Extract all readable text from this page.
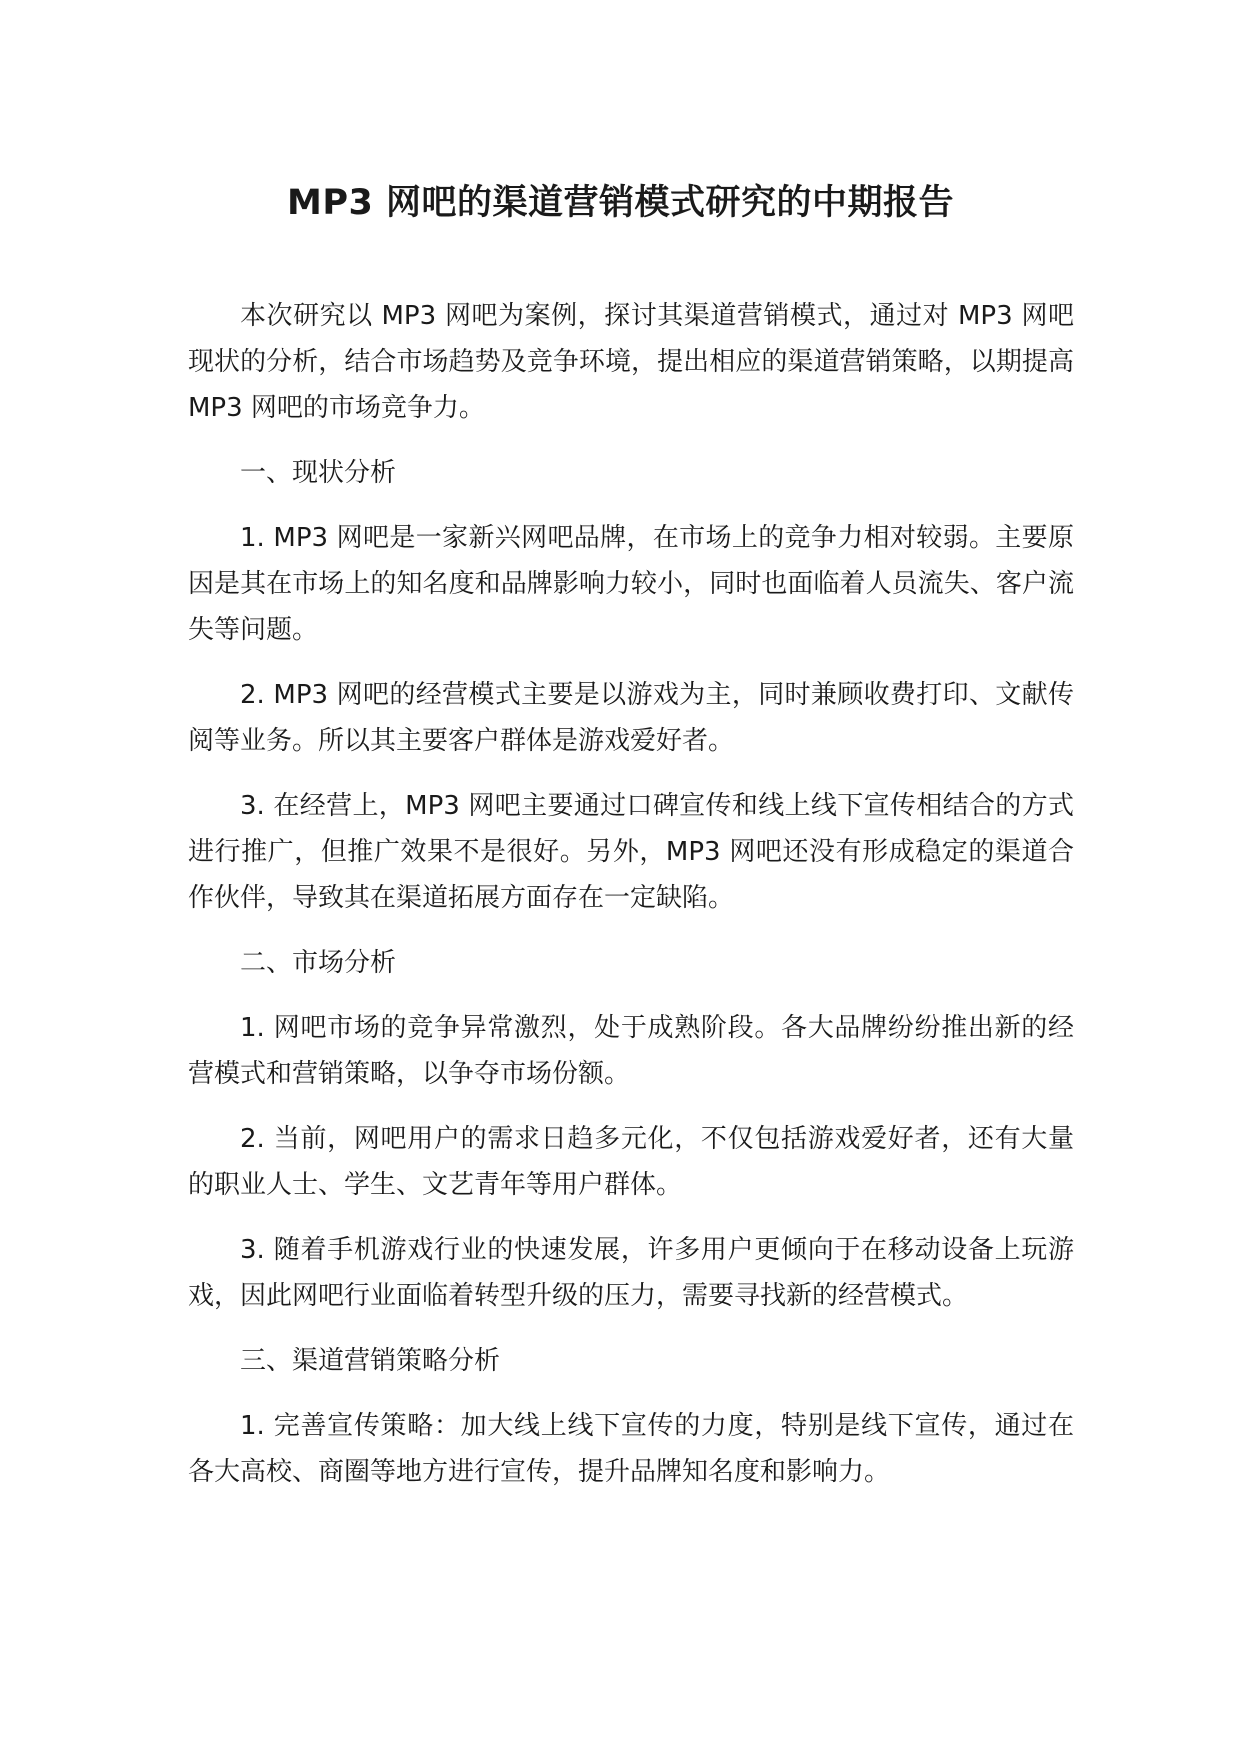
MP3 网吧的渠道营销模式研究的中期报告

本次研究以 MP3 网吧为案例，探讨其渠道营销模式，通过对 MP3 网吧现状的分析，结合市场趋势及竞争环境，提出相应的渠道营销策略，以期提高 MP3 网吧的市场竞争力。

一、现状分析

1. MP3 网吧是一家新兴网吧品牌，在市场上的竞争力相对较弱。主要原因是其在市场上的知名度和品牌影响力较小，同时也面临着人员流失、客户流失等问题。

2. MP3 网吧的经营模式主要是以游戏为主，同时兼顾收费打印、文献传阅等业务。所以其主要客户群体是游戏爱好者。

3. 在经营上，MP3 网吧主要通过口碑宣传和线上线下宣传相结合的方式进行推广，但推广效果不是很好。另外，MP3 网吧还没有形成稳定的渠道合作伙伴，导致其在渠道拓展方面存在一定缺陷。

二、市场分析

1. 网吧市场的竞争异常激烈，处于成熟阶段。各大品牌纷纷推出新的经营模式和营销策略，以争夺市场份额。

2. 当前，网吧用户的需求日趋多元化，不仅包括游戏爱好者，还有大量的职业人士、学生、文艺青年等用户群体。

3. 随着手机游戏行业的快速发展，许多用户更倾向于在移动设备上玩游戏，因此网吧行业面临着转型升级的压力，需要寻找新的经营模式。

三、渠道营销策略分析

1. 完善宣传策略：加大线上线下宣传的力度，特别是线下宣传，通过在各大高校、商圈等地方进行宣传，提升品牌知名度和影响力。
